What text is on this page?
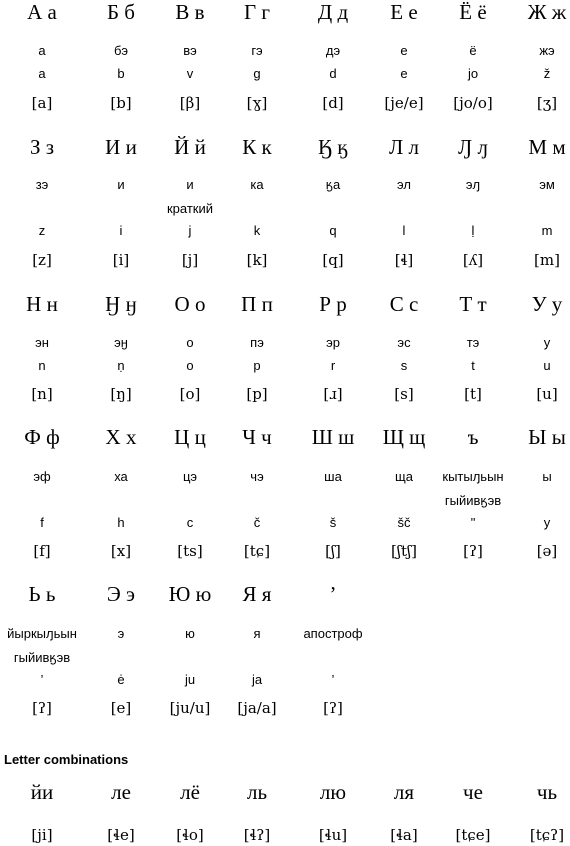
А а
а
a
[a]
Б б
бэ
b
[b]
В в
вэ
v
[β]
Г г
гэ
g
[ɣ]
Д д
дэ
d
[d]
Е е
е
e
[je/e]
Ё ё
ё
jo
[jo/o]
Ж ж
жэ
ž
[ʒ]
З з
зэ
z
[z]
И и
и
i
[i]
Й й
и
краткий
j
[j]
К к
ка
k
[k]
Ӄ ӄ
ӄа
q
[q]
Л л
эл
l
[ɬ]
Ԓ ԓ
эԓ
ḷ
[ʎ]
М м
эм
m
[m]
Н н
эн
n
[n]
Ӈ ӈ
эӈ
ṇ
[ŋ]
О о
о
o
[o]
П п
пэ
p
[p]
Р р
эр
r
[ɹ]
С с
эс
s
[s]
Т т
тэ
t
[t]
У у
у
u
[u]
Ф ф
эф
f
[f]
Х х
ха
h
[x]
Ц ц
цэ
c
[ts]
Ч ч
чэ
č
[tɕ]
Ш ш
ша
š
[ʃ]
Щ щ
ща
šč
[ʃtʃ]
ъ
кытыԓьын
гыйивӄэв
"
[ʔ]
Ы ы
ы
y
[ə]
Ь ь
йыркыԓьын
гыйивӄэв
’
[ʔ]
Э э
э
ė
[e]
Ю ю
ю
ju
[ju/u]
Я я
я
ja
[ja/a]
’
апостроф
’
[ʔ]
Letter combinations
йи
[ji]
ле
[ɬe]
лё
[ɬo]
ль
[ɬʔ]
лю
[ɬu]
ля
[ɬa]
че
[tɕe]
чь
[tɕʔ]
